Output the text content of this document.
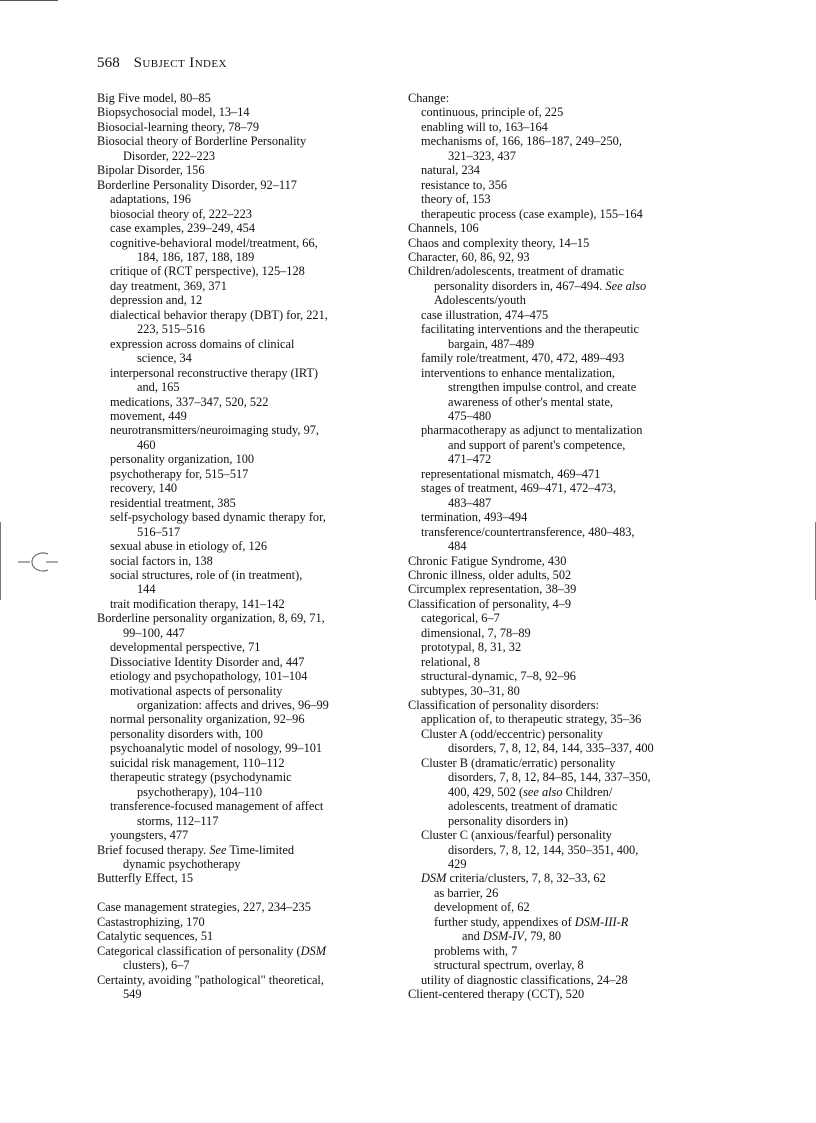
568 Subject Index
Big Five model, 80–85
Biopsychosocial model, 13–14
Biosocial-learning theory, 78–79
Biosocial theory of Borderline Personality
Disorder, 222–223
Bipolar Disorder, 156
Borderline Personality Disorder, 92–117
adaptations, 196
biosocial theory of, 222–223
case examples, 239–249, 454
cognitive-behavioral model/treatment, 66,
184, 186, 187, 188, 189
critique of (RCT perspective), 125–128
day treatment, 369, 371
depression and, 12
dialectical behavior therapy (DBT) for, 221,
223, 515–516
expression across domains of clinical
science, 34
interpersonal reconstructive therapy (IRT)
and, 165
medications, 337–347, 520, 522
movement, 449
neurotransmitters/neuroimaging study, 97,
460
personality organization, 100
psychotherapy for, 515–517
recovery, 140
residential treatment, 385
self-psychology based dynamic therapy for,
516–517
sexual abuse in etiology of, 126
social factors in, 138
social structures, role of (in treatment),
144
trait modification therapy, 141–142
Borderline personality organization, 8, 69, 71,
99–100, 447
developmental perspective, 71
Dissociative Identity Disorder and, 447
etiology and psychopathology, 101–104
motivational aspects of personality
organization: affects and drives, 96–99
normal personality organization, 92–96
personality disorders with, 100
psychoanalytic model of nosology, 99–101
suicidal risk management, 110–112
therapeutic strategy (psychodynamic
psychotherapy), 104–110
transference-focused management of affect
storms, 112–117
youngsters, 477
Brief focused therapy. See Time-limited
dynamic psychotherapy
Butterfly Effect, 15
Case management strategies, 227, 234–235
Castastrophizing, 170
Catalytic sequences, 51
Categorical classification of personality (DSM
clusters), 6–7
Certainty, avoiding "pathological" theoretical,
549
Change:
continuous, principle of, 225
enabling will to, 163–164
mechanisms of, 166, 186–187, 249–250,
321–323, 437
natural, 234
resistance to, 356
theory of, 153
therapeutic process (case example), 155–164
Channels, 106
Chaos and complexity theory, 14–15
Character, 60, 86, 92, 93
Children/adolescents, treatment of dramatic
personality disorders in, 467–494. See also
Adolescents/youth
case illustration, 474–475
facilitating interventions and the therapeutic
bargain, 487–489
family role/treatment, 470, 472, 489–493
interventions to enhance mentalization,
strengthen impulse control, and create
awareness of other's mental state,
475–480
pharmacotherapy as adjunct to mentalization
and support of parent's competence,
471–472
representational mismatch, 469–471
stages of treatment, 469–471, 472–473,
483–487
termination, 493–494
transference/countertransference, 480–483,
484
Chronic Fatigue Syndrome, 430
Chronic illness, older adults, 502
Circumplex representation, 38–39
Classification of personality, 4–9
categorical, 6–7
dimensional, 7, 78–89
prototypal, 8, 31, 32
relational, 8
structural-dynamic, 7–8, 92–96
subtypes, 30–31, 80
Classification of personality disorders:
application of, to therapeutic strategy, 35–36
Cluster A (odd/eccentric) personality
disorders, 7, 8, 12, 84, 144, 335–337, 400
Cluster B (dramatic/erratic) personality
disorders, 7, 8, 12, 84–85, 144, 337–350,
400, 429, 502 (see also Children/
adolescents, treatment of dramatic
personality disorders in)
Cluster C (anxious/fearful) personality
disorders, 7, 8, 12, 144, 350–351, 400,
429
DSM criteria/clusters, 7, 8, 32–33, 62
as barrier, 26
development of, 62
further study, appendixes of DSM-III-R
and DSM-IV, 79, 80
problems with, 7
structural spectrum, overlay, 8
utility of diagnostic classifications, 24–28
Client-centered therapy (CCT), 520
